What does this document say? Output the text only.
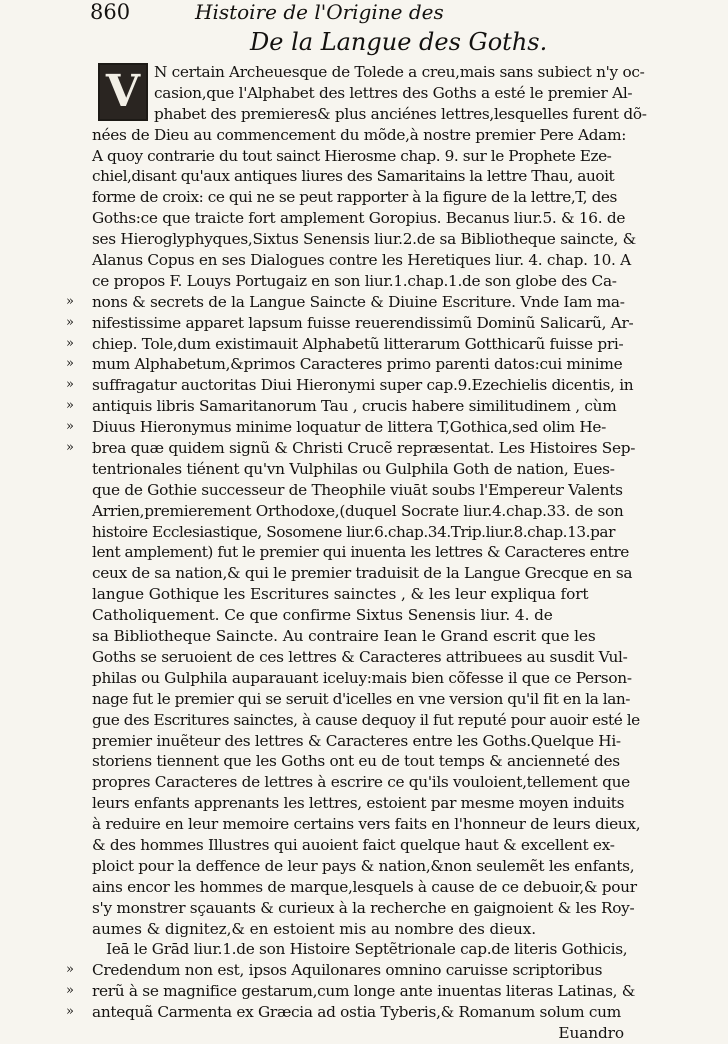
860	Histoire de l'Origine des
De la Langue des Goths.
V N certain Archeuesque de Tolede a creu,mais sans subiect n'y oc-
casion,que l'Alphabet des lettres des Goths a esté le premier Al-
phabet des premieres& plus anciénes lettres,lesquelles furent dõ-
nées de Dieu au commencement du mõde,à nostre premier Pere Adam:
A quoy contrarie du tout sainct Hierosme chap. 9. sur le Prophete Eze-
chiel,disant qu'aux antiques liures des Samaritains la lettre Thau, auoit
forme de croix: ce qui ne se peut rapporter à la figure de la lettre,T, des
Goths:ce que traicte fort amplement Goropius. Becanus liur.5. & 16. de
ses Hieroglyphyques,Sixtus Senensis liur.2.de sa Bibliotheque saincte, &
Alanus Copus en ses Dialogues contre les Heretiques liur. 4. chap. 10. A
ce propos F. Louys Portugaiz en son liur.1.chap.1.de son globe des Ca-
» nons & secrets de la Langue Saincte & Diuine Escriture. Vnde Iam ma-
» nifestissime apparet lapsum fuisse reuerendissimũ Dominũ Salicarũ, Ar-
» chiep. Tole,dum existimauit Alphabetũ litterarum Gotthicarũ fuisse pri-
» mum Alphabetum,&primos Caracteres primo parenti datos:cui minime
» suffragatur auctoritas Diui Hieronymi super cap.9.Ezechielis dicentis, in
» antiquis libris Samaritanorum Tau , crucis habere similitudinem , cùm
» Diuus Hieronymus minime loquatur de littera T,Gothica,sed olim He-
» brea quæ quidem signũ & Christi Crucẽ repræsentat. Les Histoires Sep-
tentrionales tiénent qu'vn Vulphilas ou Gulphila Goth de nation, Eues-
que de Gothie successeur de Theophile viuāt soubs l'Empereur Valents
Arrien,premierement Orthodoxe,(duquel Socrate liur.4.chap.33. de son
histoire Ecclesiastique, Sosomene liur.6.chap.34.Trip.liur.8.chap.13.par
lent amplement) fut le premier qui inuenta les lettres & Caracteres entre
ceux de sa nation,& qui le premier traduisit de la Langue Grecque en sa
langue Gothique les Escritures sainctes , & les leur expliqua fort
Catholiquement. Ce que confirme Sixtus Senensis liur. 4. de
sa Bibliotheque Saincte. Au contraire Iean le Grand escrit que les
Goths se seruoient de ces lettres & Caracteres attribuees au susdit Vul-
philas ou Gulphila auparauant iceluy:mais bien cõfesse il que ce Person-
nage fut le premier qui se seruit d'icelles en vne version qu'il fit en la lan-
gue des Escritures sainctes, à cause dequoy il fut reputé pour auoir esté le
premier inuẽteur des lettres & Caracteres entre les Goths.Quelque Hi-
storiens tiennent que les Goths ont eu de tout temps & ancienneté des
propres Caracteres de lettres à escrire ce qu'ils vouloient,tellement que
leurs enfants apprenants les lettres, estoient par mesme moyen induits
à reduire en leur memoire certains vers faits en l'honneur de leurs dieux,
& des hommes Illustres qui auoient faict quelque haut & excellent ex-
ploict pour la deffence de leur pays & nation,&non seulemẽt les enfants,
ains encor les hommes de marque,lesquels à cause de ce debuoir,& pour
s'y monstrer sçauants & curieux à la recherche en gaignoient & les Roy-
aumes & dignitez,& en estoient mis au nombre des dieux.
Ieā le Grād liur.1.de son Histoire Septẽtrionale cap.de literis Gothicis,
» Credendum non est, ipsos Aquilonares omnino caruisse scriptoribus
» rerũ à se magnifice gestarum,cum longe ante inuentas literas Latinas, &
» antequã Carmenta ex Græcia ad ostia Tyberis,& Romanum solum cum
Euandro
